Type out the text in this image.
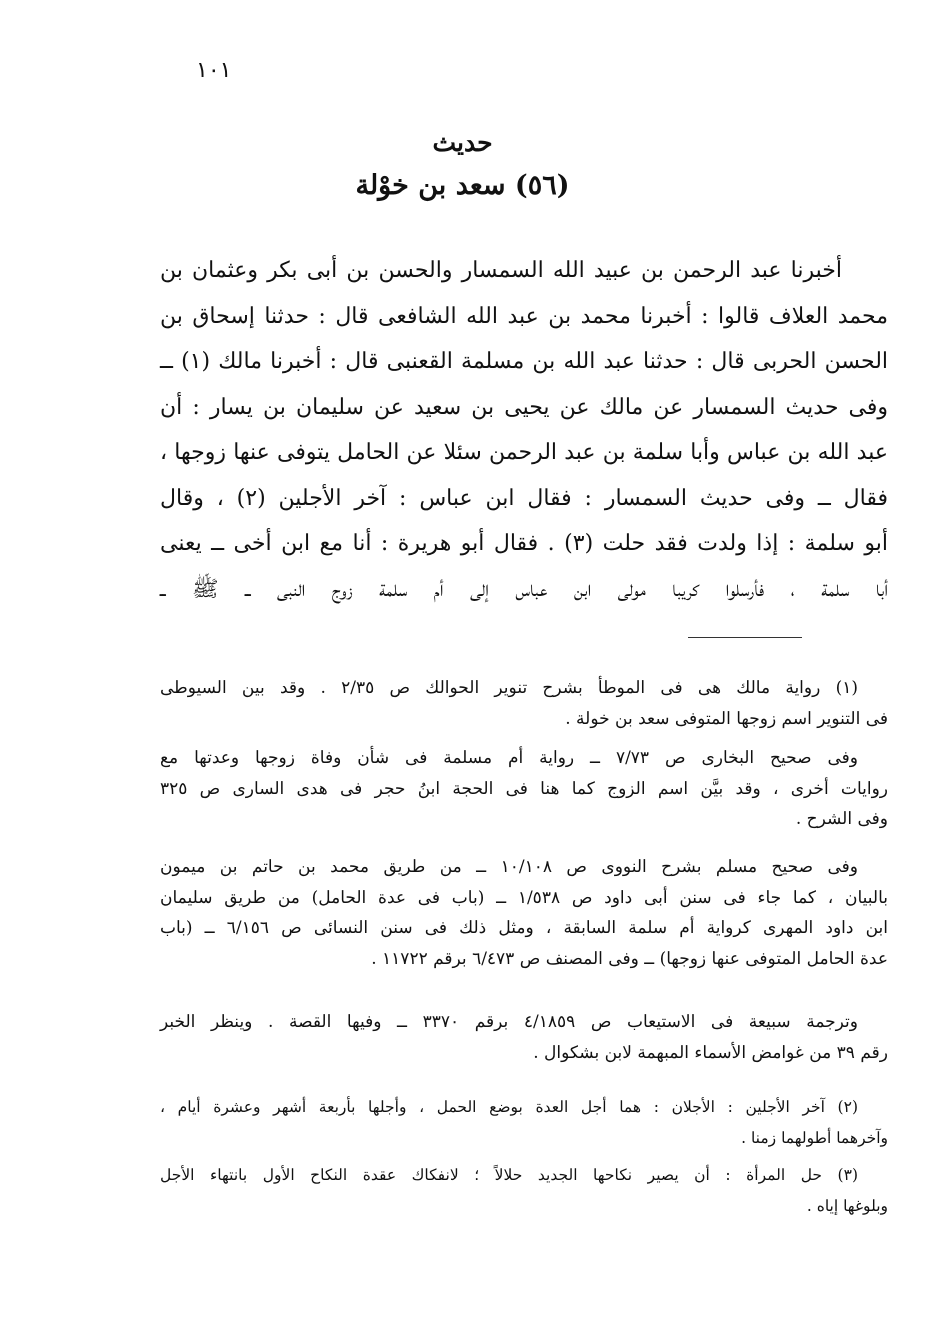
١٠١
حديث
(٥٦) سعد بن خوْلة
أخبرنا عبد الرحمن بن عبيد الله السمسار والحسن بن أبى بكر وعثمان بن
محمد العلاف قالوا : أخبرنا محمد بن عبد الله الشافعى قال : حدثنا إسحاق بن
الحسن الحربى قال : حدثنا عبد الله بن مسلمة القعنبى قال : أخبرنا مالك (١) ــ
وفى حديث السمسار عن مالك عن يحيى بن سعيد عن سليمان بن يسار : أن
عبد الله بن عباس وأبا سلمة بن عبد الرحمن سئلا عن الحامل يتوفى عنها زوجها ،
فقال ــ وفى حديث السمسار : فقال ابن عباس : آخر الأجلين (٢) ، وقال
أبو سلمة : إذا ولدت فقد حلت (٣) . فقال أبو هريرة : أنا مع ابن أخى ــ يعنى
أبا سلمة ، فأرسلوا كريبا مولى ابن عباس إلى أم سلمة زوج النبى ــ ﷺ ــ
(١) رواية مالك هى فى الموطأ بشرح تنوير الحوالك ص ٢/٣٥ . وقد بين السيوطى
فى التنوير اسم زوجها المتوفى سعد بن خولة .
وفى صحيح البخارى ص ٧/٧٣ ــ رواية أم مسلمة فى شأن وفاة زوجها وعدتها مع
روايات أخرى ، وقد بيَّن اسم الزوج كما هنا فى الحجة ابنُ حجر فى هدى السارى ص ٣٢٥
وفى الشرح .
وفى صحيح مسلم بشرح النووى ص ١٠/١٠٨ ــ من طريق محمد بن حاتم بن ميمون
بالبيان ، كما جاء فى سنن أبى داود ص ١/٥٣٨ ــ (باب فى عدة الحامل) من طريق سليمان
ابن داود المهرى كرواية أم سلمة السابقة ، ومثل ذلك فى سنن النسائى ص ٦/١٥٦ ــ (باب
عدة الحامل المتوفى عنها زوجها) ــ وفى المصنف ص ٦/٤٧٣ برقم ١١٧٢٢ .
وترجمة سبيعة فى الاستيعاب ص ٤/١٨٥٩ برقم ٣٣٧٠ ــ وفيها القصة . وينظر الخبر
رقم ٣٩ من غوامض الأسماء المبهمة لابن بشكوال .
(٢) آخر الأجلين : الأجلان : هما أجل العدة بوضع الحمل ، وأجلها بأربعة أشهر وعشرة أيام ،
وآخرهما أطولهما زمنا .
(٣) حل المرأة : أن يصير نكاحها الجديد حلالاً ؛ لانفكاك عقدة النكاح الأول بانتهاء الأجل
وبلوغها إياه .
